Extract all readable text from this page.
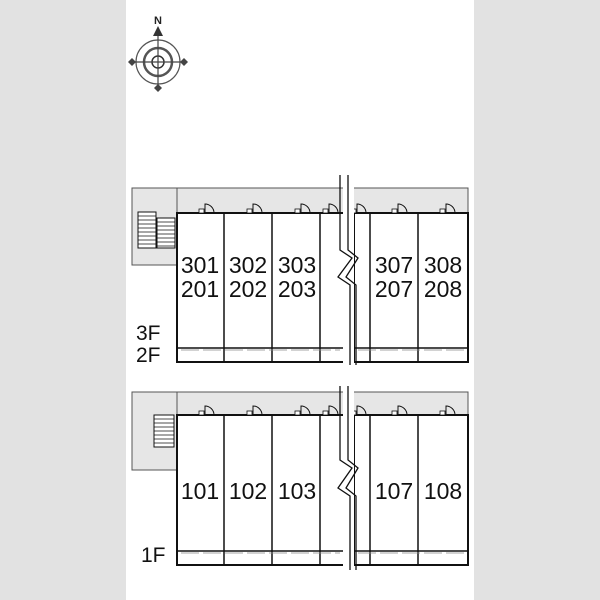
N
301
201
302
202
303
203
307
207
308
208
3F
2F
101 102 103	107 108
1F
